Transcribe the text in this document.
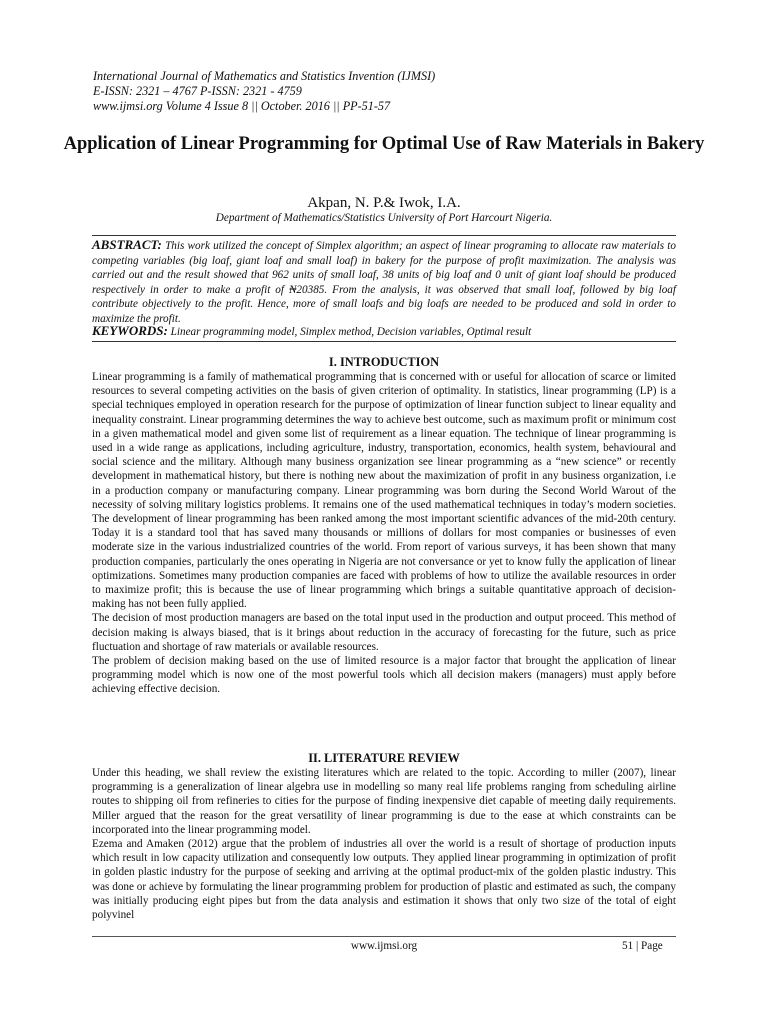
International Journal of Mathematics and Statistics Invention (IJMSI)
E-ISSN: 2321 – 4767 P-ISSN: 2321 - 4759
www.ijmsi.org Volume 4 Issue 8 || October. 2016 || PP-51-57
Application of Linear Programming for Optimal Use of Raw Materials in Bakery
Akpan, N. P.& Iwok, I.A.
Department of Mathematics/Statistics University of Port Harcourt Nigeria.
ABSTRACT: This work utilized the concept of Simplex algorithm; an aspect of linear programing to allocate raw materials to competing variables (big loaf, giant loaf and small loaf) in bakery for the purpose of profit maximization. The analysis was carried out and the result showed that 962 units of small loaf, 38 units of big loaf and 0 unit of giant loaf should be produced respectively in order to make a profit of ₦20385. From the analysis, it was observed that small loaf, followed by big loaf contribute objectively to the profit. Hence, more of small loafs and big loafs are needed to be produced and sold in order to maximize the profit.
KEYWORDS: Linear programming model, Simplex method, Decision variables, Optimal result
I. INTRODUCTION

Linear programming is a family of mathematical programming that is concerned with or useful for allocation of scarce or limited resources to several competing activities on the basis of given criterion of optimality. In statistics, linear programming (LP) is a special techniques employed in operation research for the purpose of optimization of linear function subject to linear equality and inequality constraint. Linear programming determines the way to achieve best outcome, such as maximum profit or minimum cost in a given mathematical model and given some list of requirement as a linear equation. The technique of linear programming is used in a wide range as applications, including agriculture, industry, transportation, economics, health system, behavioural and social science and the military. Although many business organization see linear programming as a “new science” or recently development in mathematical history, but there is nothing new about the maximization of profit in any business organization, i.e in a production company or manufacturing company. Linear programming was born during the Second World Warout of the necessity of solving military logistics problems. It remains one of the used mathematical techniques in today’s modern societies. The development of linear programming has been ranked among the most important scientific advances of the mid-20th century. Today it is a standard tool that has saved many thousands or millions of dollars for most companies or businesses of even moderate size in the various industrialized countries of the world. From report of various surveys, it has been shown that many production companies, particularly the ones operating in Nigeria are not conversance or yet to know fully the application of linear optimizations. Sometimes many production companies are faced with problems of how to utilize the available resources in order to maximize profit; this is because the use of linear programming which brings a suitable quantitative approach of decision-making has not been fully applied.

The decision of most production managers are based on the total input used in the production and output proceed. This method of decision making is always biased, that is it brings about reduction in the accuracy of forecasting for the future, such as price fluctuation and shortage of raw materials or available resources.

The problem of decision making based on the use of limited resource is a major factor that brought the application of linear programming model which is now one of the most powerful tools which all decision makers (managers) must apply before achieving effective decision.

II. LITERATURE REVIEW

Under this heading, we shall review the existing literatures which are related to the topic. According to miller (2007), linear programming is a generalization of linear algebra use in modelling so many real life problems ranging from scheduling airline routes to shipping oil from refineries to cities for the purpose of finding inexpensive diet capable of meeting daily requirements. Miller argued that the reason for the great versatility of linear programming is due to the ease at which constraints can be incorporated into the linear programming model.

Ezema and Amaken (2012) argue that the problem of industries all over the world is a result of shortage of production inputs which result in low capacity utilization and consequently low outputs. They applied linear programming in optimization of profit in golden plastic industry for the purpose of seeking and arriving at the optimal product-mix of the golden plastic industry. This was done or achieve by formulating the linear programming problem for production of plastic and estimated as such, the company was initially producing eight pipes but from the data analysis and estimation it shows that only two size of the total of eight polyvinel

www.ijmsi.org	51 | Page
